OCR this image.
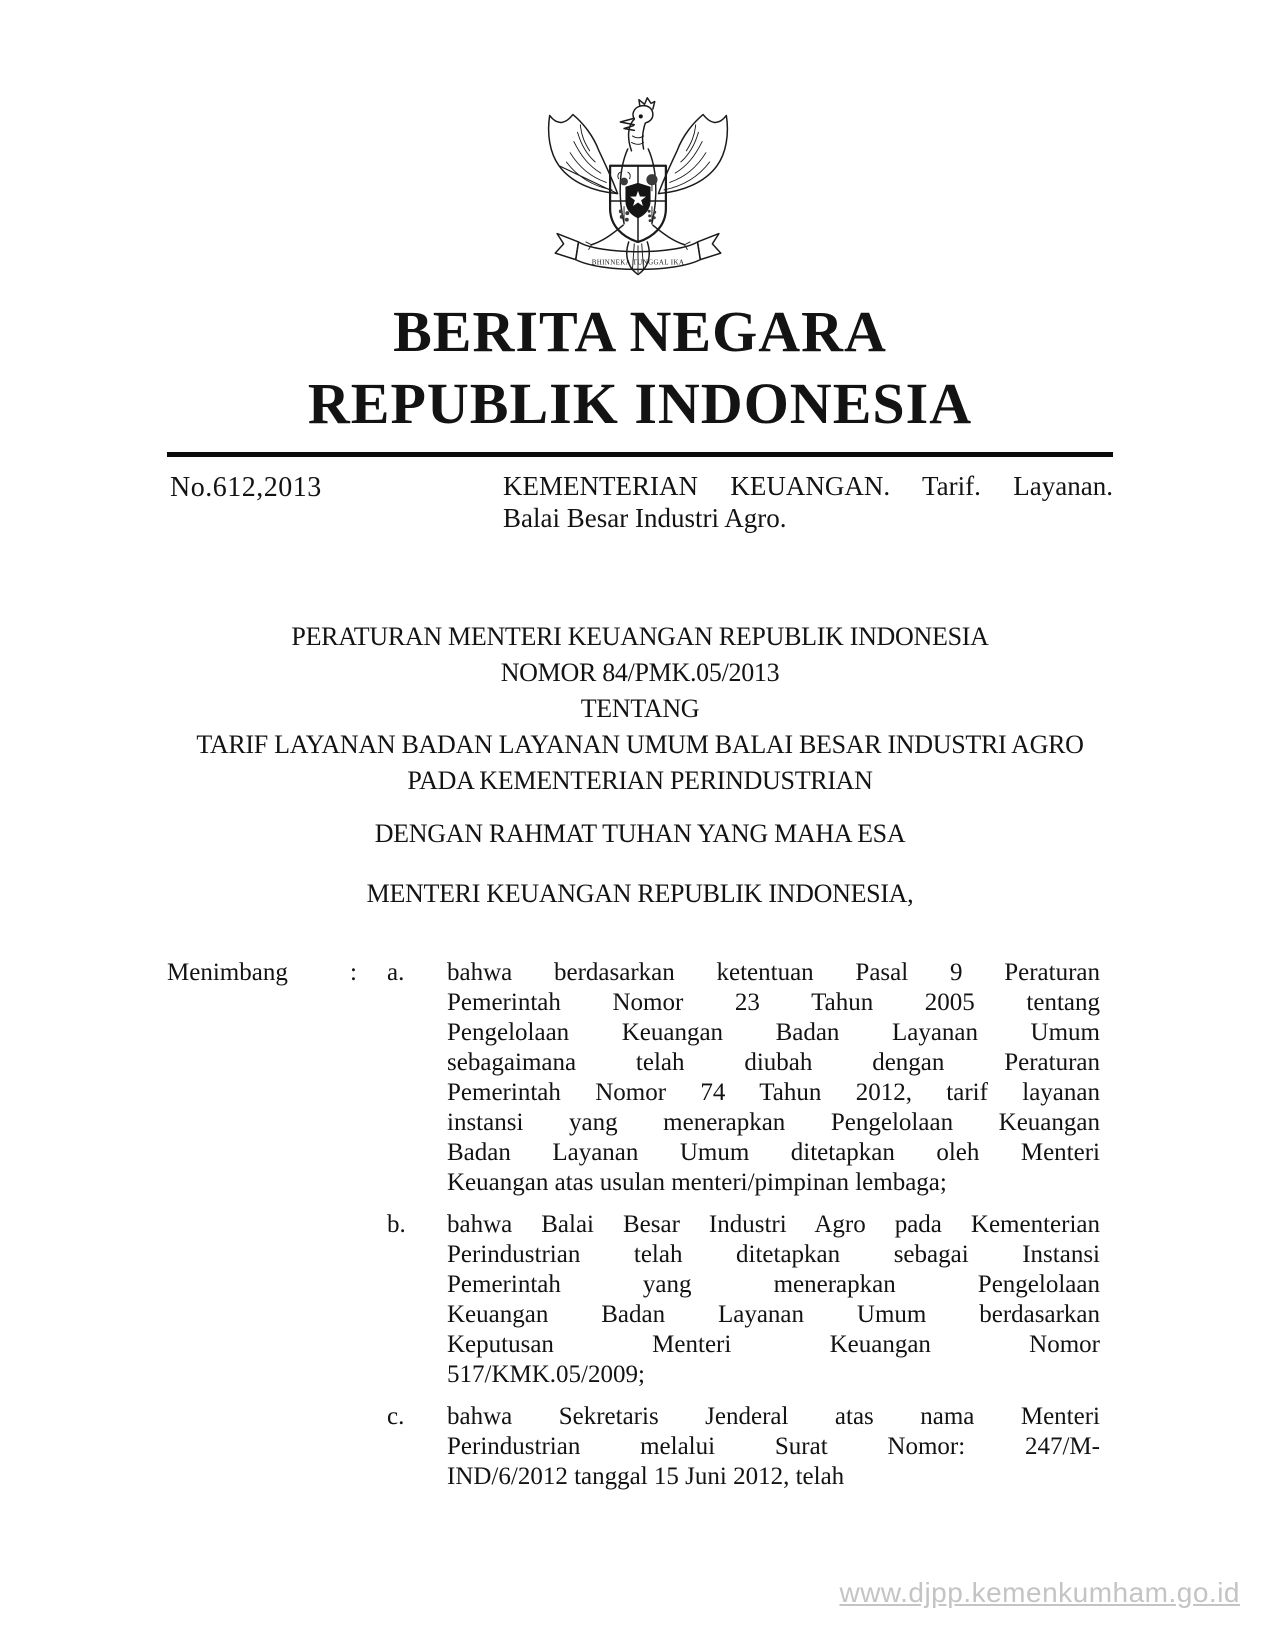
BHINNEKA TUNGGAL IKA
BERITA NEGARA
REPUBLIK INDONESIA
No.612,2013	KEMENTERIAN KEUANGAN. Tarif. Layanan.
Balai Besar Industri Agro.
PERATURAN MENTERI KEUANGAN REPUBLIK INDONESIA
NOMOR 84/PMK.05/2013
TENTANG
TARIF LAYANAN BADAN LAYANAN UMUM BALAI BESAR INDUSTRI AGRO
PADA KEMENTERIAN PERINDUSTRIAN
DENGAN RAHMAT TUHAN YANG MAHA ESA
MENTERI KEUANGAN REPUBLIK INDONESIA,
Menimbang : a.	bahwa berdasarkan ketentuan Pasal 9 Peraturan
Pemerintah Nomor 23 Tahun 2005 tentang
Pengelolaan Keuangan Badan Layanan Umum
sebagaimana telah diubah dengan Peraturan
Pemerintah Nomor 74 Tahun 2012, tarif layanan
instansi yang menerapkan Pengelolaan Keuangan
Badan Layanan Umum ditetapkan oleh Menteri
Keuangan atas usulan menteri/pimpinan lembaga;
b.	bahwa Balai Besar Industri Agro pada Kementerian
Perindustrian telah ditetapkan sebagai Instansi
Pemerintah yang menerapkan Pengelolaan
Keuangan Badan Layanan Umum berdasarkan
Keputusan Menteri Keuangan Nomor
517/KMK.05/2009;
c.	bahwa Sekretaris Jenderal atas nama Menteri
Perindustrian melalui Surat Nomor: 247/M-
IND/6/2012 tanggal 15 Juni 2012, telah
www.djpp.kemenkumham.go.id
